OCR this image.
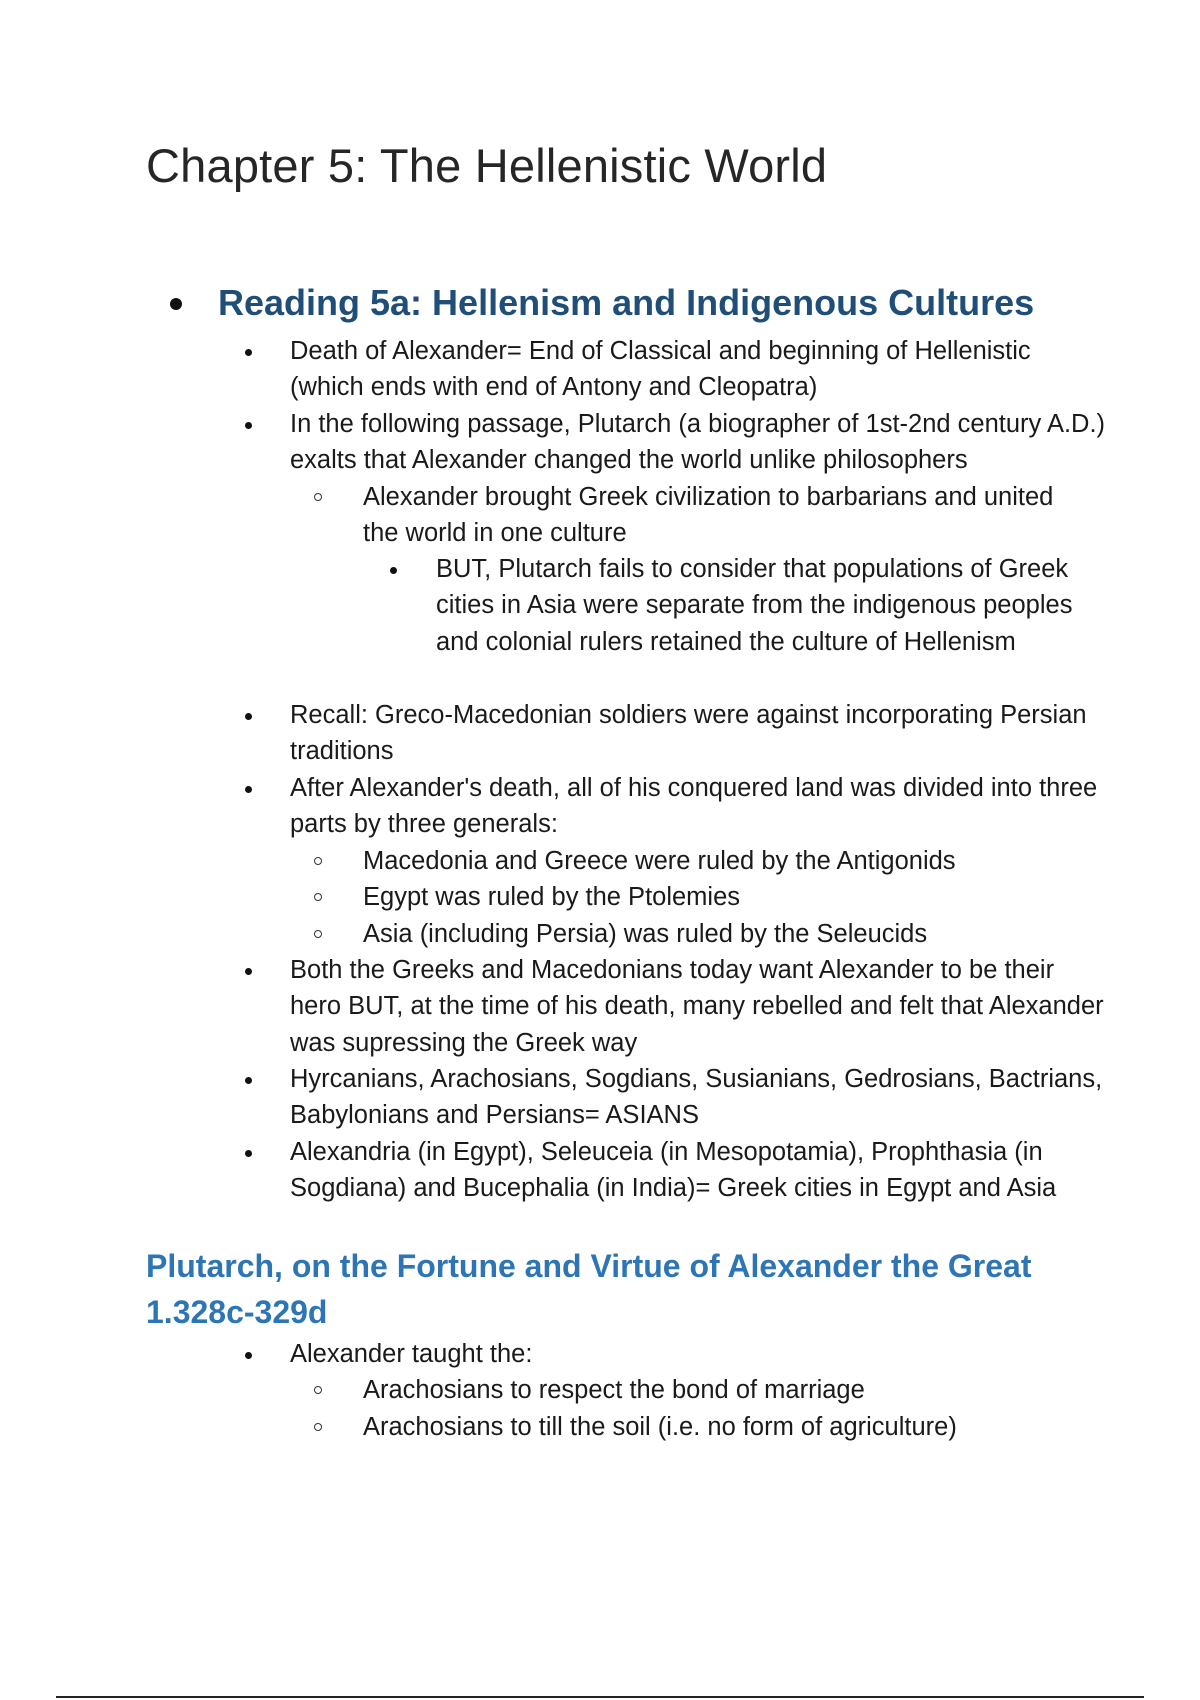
Chapter 5: The Hellenistic World
Reading 5a: Hellenism and Indigenous Cultures
Death of Alexander= End of Classical and beginning of Hellenistic (which ends with end of Antony and Cleopatra)
In the following passage, Plutarch (a biographer of 1st-2nd century A.D.) exalts that Alexander changed the world unlike philosophers
Alexander brought Greek civilization to barbarians and united the world in one culture
BUT, Plutarch fails to consider that populations of Greek cities in Asia were separate from the indigenous peoples and colonial rulers retained the culture of Hellenism
Recall: Greco-Macedonian soldiers were against incorporating Persian traditions
After Alexander's death, all of his conquered land was divided into three parts by three generals:
Macedonia and Greece were ruled by the Antigonids
Egypt was ruled by the Ptolemies
Asia (including Persia) was ruled by the Seleucids
Both the Greeks and Macedonians today want Alexander to be their hero BUT, at the time of his death, many rebelled and felt that Alexander was supressing the Greek way
Hyrcanians, Arachosians, Sogdians, Susianians, Gedrosians, Bactrians, Babylonians and Persians= ASIANS
Alexandria (in Egypt), Seleuceia (in Mesopotamia), Prophthasia (in Sogdiana) and Bucephalia (in India)= Greek cities in Egypt and Asia
Plutarch, on the Fortune and Virtue of Alexander the Great 1.328c-329d
Alexander taught the:
Arachosians to respect the bond of marriage
Arachosians to till the soil (i.e. no form of agriculture)
